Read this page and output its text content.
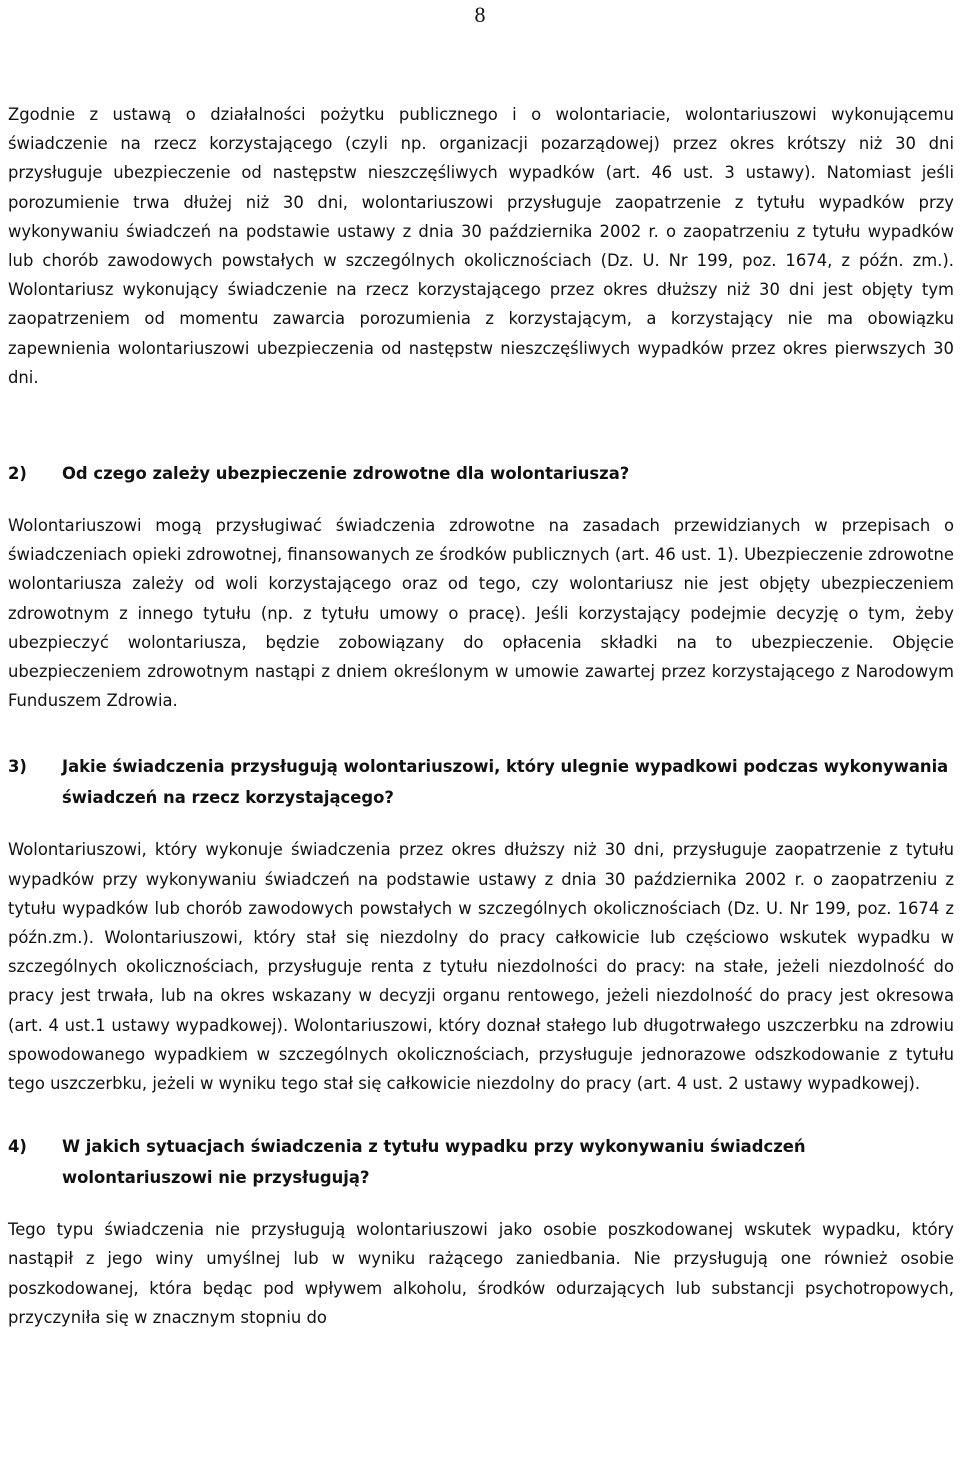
8

Zgodnie z ustawą o działalności pożytku publicznego i o wolontariacie, wolontariuszowi wykonującemu świadczenie na rzecz korzystającego (czyli np. organizacji pozarządowej) przez okres krótszy niż 30 dni przysługuje ubezpieczenie od następstw nieszczęśliwych wypadków (art. 46 ust. 3 ustawy). Natomiast jeśli porozumienie trwa dłużej niż 30 dni, wolontariuszowi przysługuje zaopatrzenie z tytułu wypadków przy wykonywaniu świadczeń na podstawie ustawy z dnia 30 października 2002 r. o zaopatrzeniu z tytułu wypadków lub chorób zawodowych powstałych w szczególnych okolicznościach (Dz. U. Nr 199, poz. 1674, z późn. zm.). Wolontariusz wykonujący świadczenie na rzecz korzystającego przez okres dłuższy niż 30 dni jest objęty tym zaopatrzeniem od momentu zawarcia porozumienia z korzystającym, a korzystający nie ma obowiązku zapewnienia wolontariuszowi ubezpieczenia od następstw nieszczęśliwych wypadków przez okres pierwszych 30 dni.

2)	Od czego zależy ubezpieczenie zdrowotne dla wolontariusza?

Wolontariuszowi mogą przysługiwać świadczenia zdrowotne na zasadach przewidzianych w przepisach o świadczeniach opieki zdrowotnej, finansowanych ze środków publicznych (art. 46 ust. 1). Ubezpieczenie zdrowotne wolontariusza zależy od woli korzystającego oraz od tego, czy wolontariusz nie jest objęty ubezpieczeniem zdrowotnym z innego tytułu (np. z tytułu umowy o pracę). Jeśli korzystający podejmie decyzję o tym, żeby ubezpieczyć wolontariusza, będzie zobowiązany do opłacenia składki na to ubezpieczenie. Objęcie ubezpieczeniem zdrowotnym nastąpi z dniem określonym w umowie zawartej przez korzystającego z Narodowym Funduszem Zdrowia.

3)	Jakie świadczenia przysługują wolontariuszowi, który ulegnie wypadkowi podczas wykonywania świadczeń na rzecz korzystającego?

Wolontariuszowi, który wykonuje świadczenia przez okres dłuższy niż 30 dni, przysługuje zaopatrzenie z tytułu wypadków przy wykonywaniu świadczeń na podstawie ustawy z dnia 30 października 2002 r. o zaopatrzeniu z tytułu wypadków lub chorób zawodowych powstałych w szczególnych okolicznościach (Dz. U. Nr 199, poz. 1674 z późn.zm.). Wolontariuszowi, który stał się niezdolny do pracy całkowicie lub częściowo wskutek wypadku w szczególnych okolicznościach, przysługuje renta z tytułu niezdolności do pracy: na stałe, jeżeli niezdolność do pracy jest trwała, lub na okres wskazany w decyzji organu rentowego, jeżeli niezdolność do pracy jest okresowa (art. 4 ust.1 ustawy wypadkowej). Wolontariuszowi, który doznał stałego lub długotrwałego uszczerbku na zdrowiu spowodowanego wypadkiem w szczególnych okolicznościach, przysługuje jednorazowe odszkodowanie z tytułu tego uszczerbku, jeżeli w wyniku tego stał się całkowicie niezdolny do pracy (art. 4 ust. 2 ustawy wypadkowej).

4)	W jakich sytuacjach świadczenia z tytułu wypadku przy wykonywaniu świadczeń wolontariuszowi nie przysługują?

Tego typu świadczenia nie przysługują wolontariuszowi jako osobie poszkodowanej wskutek wypadku, który nastąpił z jego winy umyślnej lub w wyniku rażącego zaniedbania. Nie przysługują one również osobie poszkodowanej, która będąc pod wpływem alkoholu, środków odurzających lub substancji psychotropowych, przyczyniła się w znacznym stopniu do
